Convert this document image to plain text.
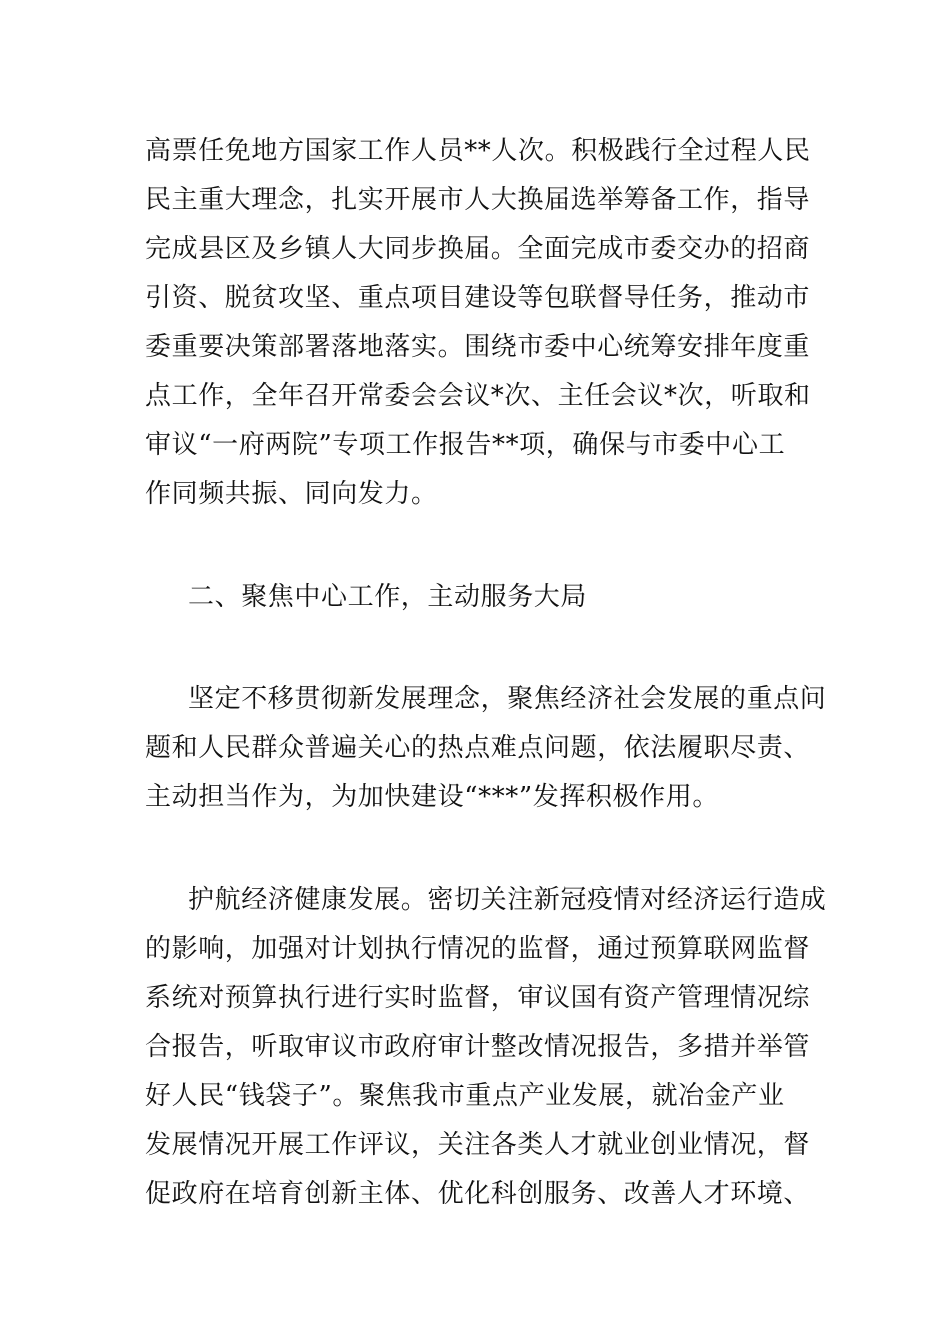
高票任免地方国家工作人员**人次。积极践行全过程人民
民主重大理念，扎实开展市人大换届选举筹备工作，指导
完成县区及乡镇人大同步换届。全面完成市委交办的招商
引资、脱贫攻坚、重点项目建设等包联督导任务，推动市
委重要决策部署落地落实。围绕市委中心统筹安排年度重
点工作，全年召开常委会会议*次、主任会议*次，听取和
审议“一府两院”专项工作报告**项，确保与市委中心工
作同频共振、同向发力。
二、聚焦中心工作，主动服务大局
坚定不移贯彻新发展理念，聚焦经济社会发展的重点问
题和人民群众普遍关心的热点难点问题，依法履职尽责、
主动担当作为，为加快建设“***”发挥积极作用。
护航经济健康发展。密切关注新冠疫情对经济运行造成
的影响，加强对计划执行情况的监督，通过预算联网监督
系统对预算执行进行实时监督，审议国有资产管理情况综
合报告，听取审议市政府审计整改情况报告，多措并举管
好人民“钱袋子”。聚焦我市重点产业发展，就冶金产业
发展情况开展工作评议，关注各类人才就业创业情况，督
促政府在培育创新主体、优化科创服务、改善人才环境、
